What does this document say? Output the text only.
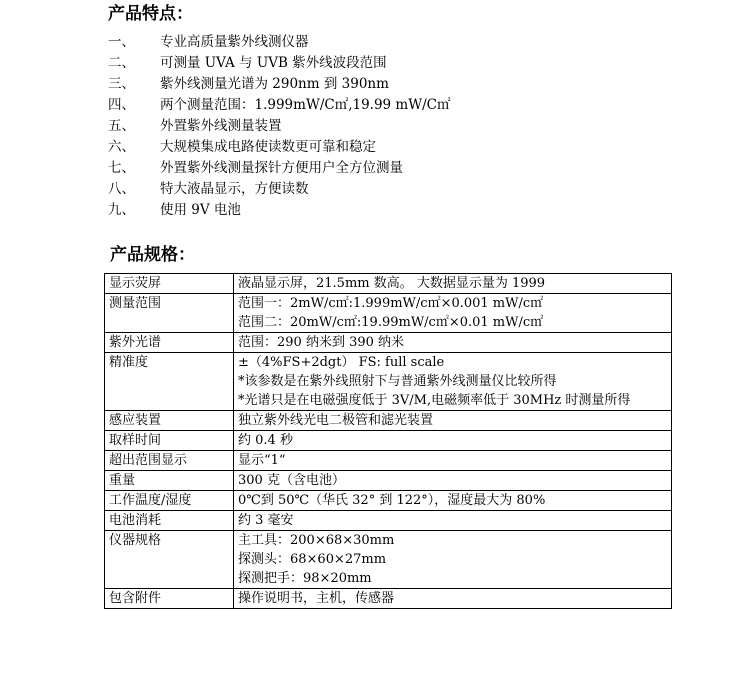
产品特点：
一、 专业高质量紫外线测仪器
二、 可测量 UVA 与 UVB 紫外线波段范围
三、 紫外线测量光谱为 290nm 到 390nm
四、 两个测量范围：1.999mW/C㎡,19.99 mW/C㎡
五、 外置紫外线测量装置
六、 大规模集成电路使读数更可靠和稳定
七、 外置紫外线测量探针方便用户全方位测量
八、 特大液晶显示，方便读数
九、 使用 9V 电池
产品规格：
显示荧屏	液晶显示屏，21.5mm 数高。 大数据显示量为 1999

测量范围	范围一：2mW/c㎡:1.999mW/c㎡×0.001 mW/c㎡
范围二：20mW/c㎡:19.99mW/c㎡×0.01 mW/c㎡

紫外光谱	范围：290 纳米到 390 纳米

精准度	±（4%FS+2dgt） FS: full scale
*该参数是在紫外线照射下与普通紫外线测量仪比较所得
*光谱只是在电磁强度低于 3V/M,电磁频率低于 30MHz 时测量所得

感应装置	独立紫外线光电二极管和滤光装置

取样时间	约 0.4 秒

超出范围显示	显示“1“

重量	300 克（含电池）

工作温度/湿度	0℃到 50℃（华氏 32° 到 122°），湿度最大为 80%

电池消耗	约 3 毫安

仪器规格	主工具：200×68×30mm
探测头：68×60×27mm
探测把手：98×20mm

包含附件	操作说明书，主机，传感器
